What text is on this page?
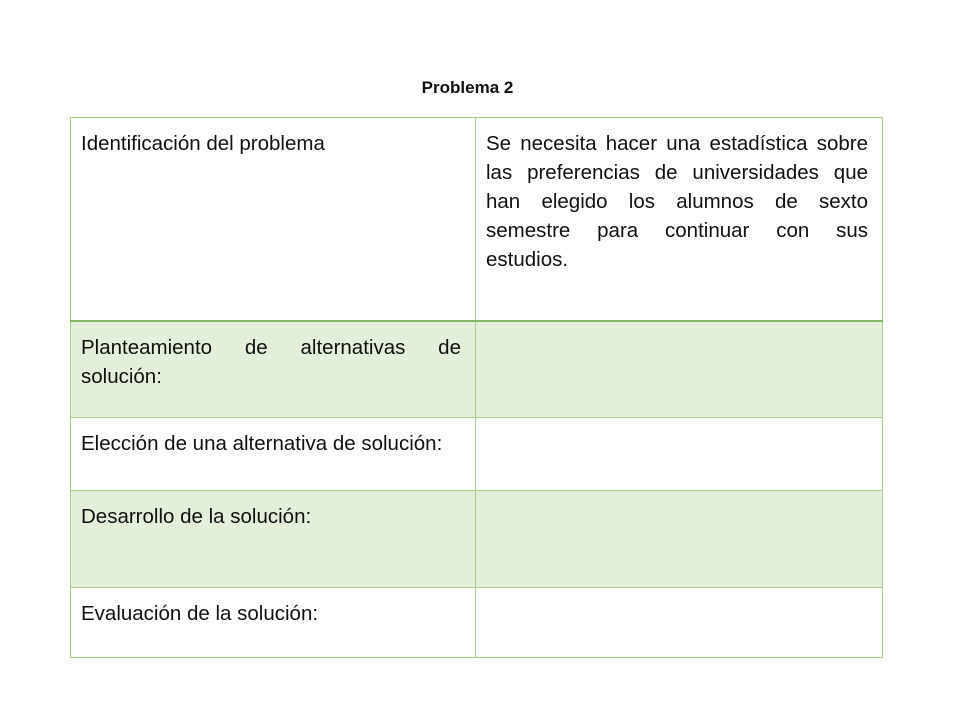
Problema 2
Identificación del problema	Se necesita hacer una estadística sobre las preferencias de universidades que han elegido los alumnos de sexto semestre para continuar con sus estudios.
Planteamiento de alternativas de solución:	
Elección de una alternativa de solución:	
Desarrollo de la solución:	
Evaluación de la solución:	
